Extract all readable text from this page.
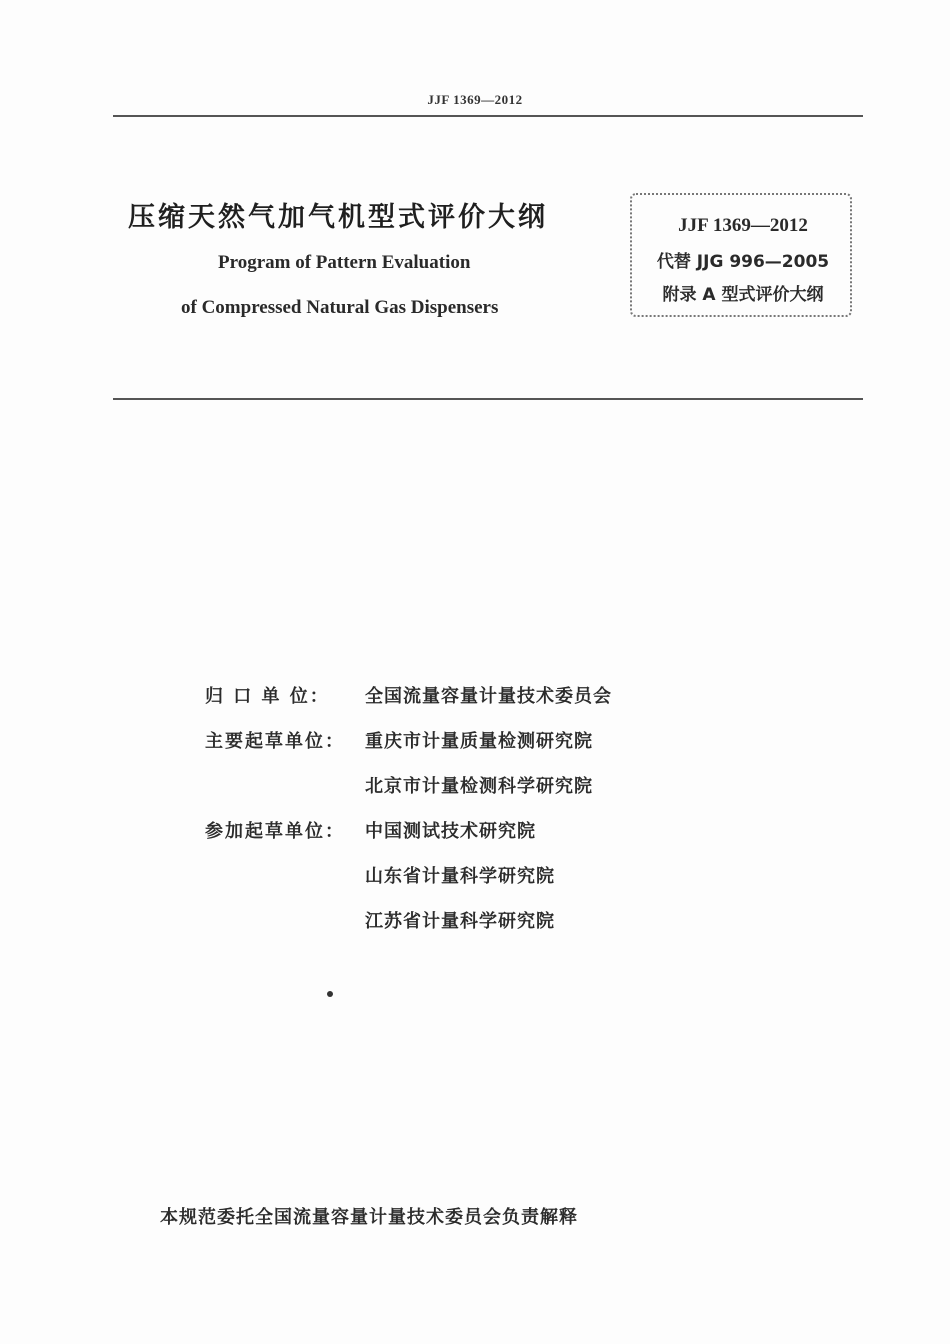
JJF 1369—2012
压缩天然气加气机型式评价大纲
Program of Pattern Evaluation
of Compressed Natural Gas Dispensers
JJF 1369—2012
代替 JJG 996—2005
附录 A 型式评价大纲
归 口 单 位：	全国流量容量计量技术委员会
主要起草单位：	重庆市计量质量检测研究院
北京市计量检测科学研究院
参加起草单位：	中国测试技术研究院
山东省计量科学研究院
江苏省计量科学研究院
本规范委托全国流量容量计量技术委员会负责解释
